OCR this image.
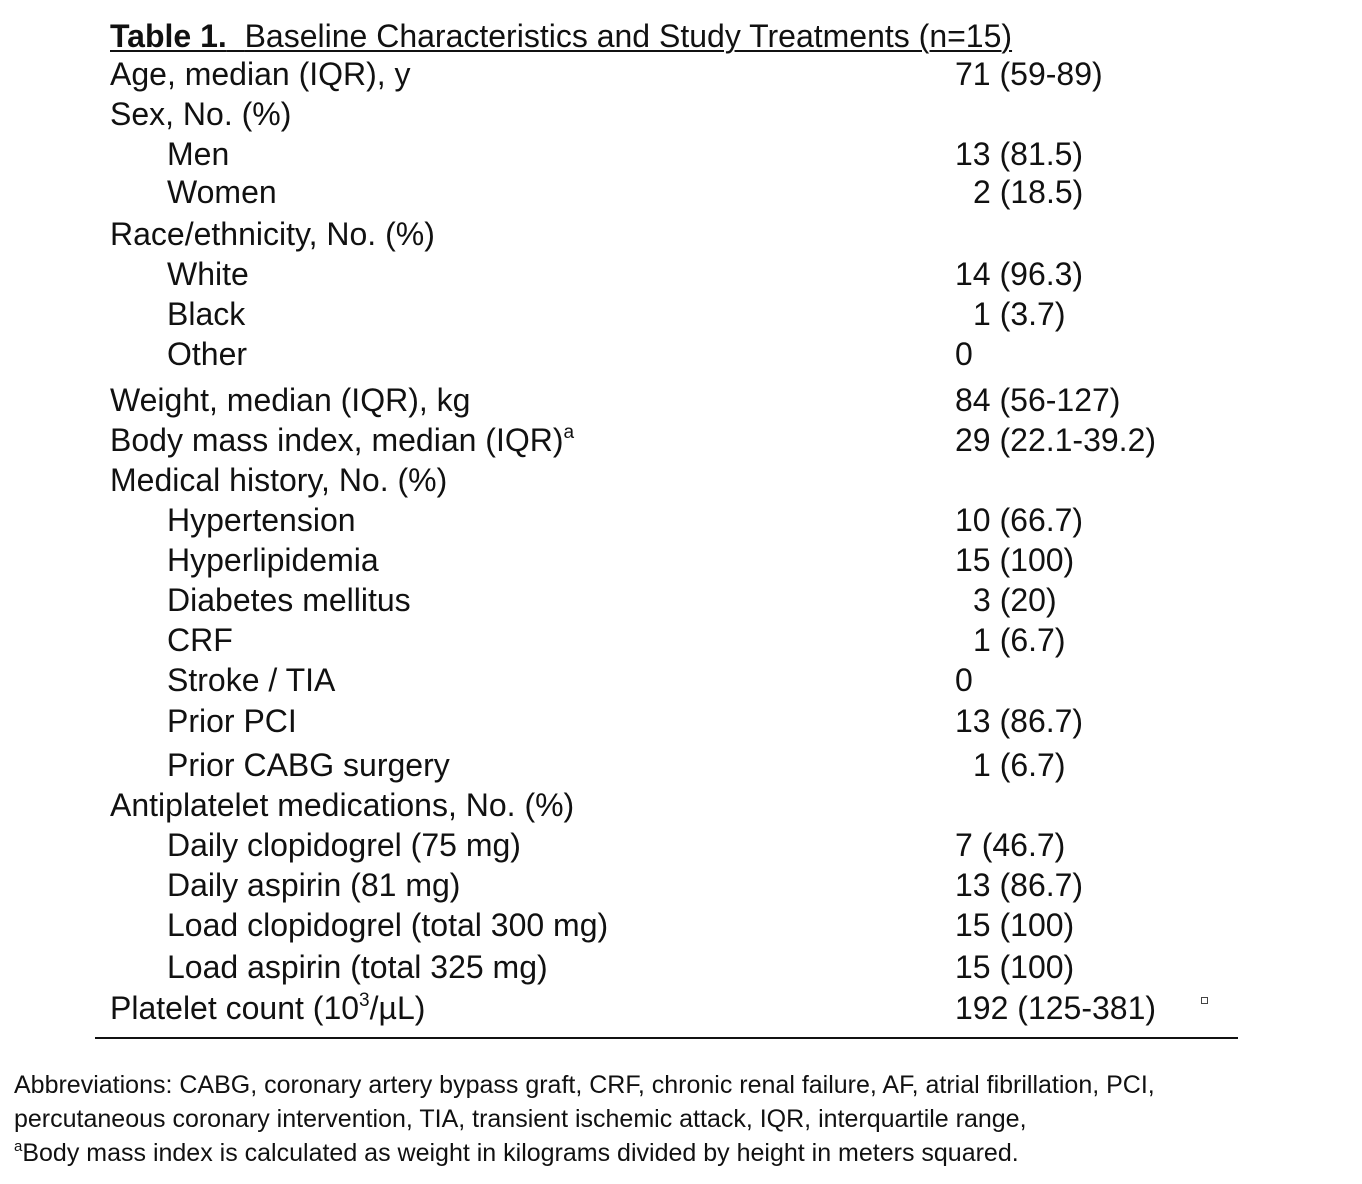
Table 1. Baseline Characteristics and Study Treatments (n=15)
Age, median (IQR), y	71 (59-89)
Sex, No. (%)
Men	13 (81.5)
Women	2 (18.5)
Race/ethnicity, No. (%)
White	14 (96.3)
Black	1 (3.7)
Other	0
Weight, median (IQR), kg	84 (56-127)
Body mass index, median (IQR)$^a$	29 (22.1-39.2)
Medical history, No. (%)
Hypertension	10 (66.7)
Hyperlipidemia	15 (100)
Diabetes mellitus	3 (20)
CRF	1 (6.7)
Stroke / TIA	0
Prior PCI	13 (86.7)
Prior CABG surgery	1 (6.7)
Antiplatelet medications, No. (%)
Daily clopidogrel (75 mg)	7 (46.7)
Daily aspirin (81 mg)	13 (86.7)
Load clopidogrel (total 300 mg)	15 (100)
Load aspirin (total 325 mg)	15 (100)
Platelet count $(10^3/\mu L)$	192 (125-381)
Abbreviations: CABG, coronary artery bypass graft, CRF, chronic renal failure, AF, atrial fibrillation, PCI,
percutaneous coronary intervention, TIA, transient ischemic attack, IQR, interquartile range,
$^a$Body mass index is calculated as weight in kilograms divided by height in meters squared.
